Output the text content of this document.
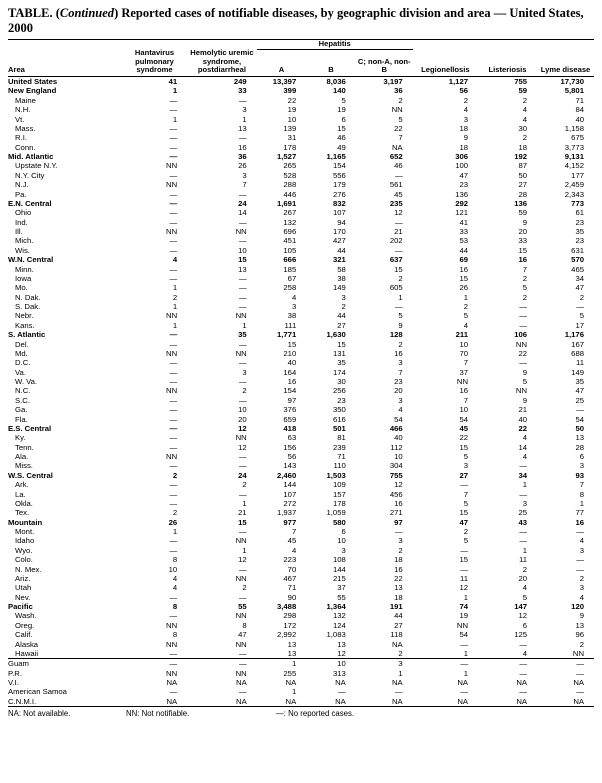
TABLE. (Continued) Reported cases of notifiable diseases, by geographic division and area — United States, 2000
			Hepatitis					

Area	Hantavirus pulmonary syndrome	Hemolytic uremic syndrome, postdiarrheal	A	B	C; non-A, non-B	Legionellosis	Listeriosis	Lyme disease
United States	41	249	13,397	8,036	3,197	1,127	755	17,730
New England	1	33	399	140	36	56	59	5,801
Maine	—	—	22	5	2	2	2	71
N.H.	—	3	19	19	NN	4	4	84
Vt.	1	1	10	6	5	3	4	40
Mass.	—	13	139	15	22	18	30	1,158
R.I.	—	—	31	46	7	9	2	675
Conn.	—	16	178	49	NA	18	18	3,773
Mid. Atlantic	—	36	1,527	1,165	652	306	192	9,131
Upstate N.Y.	NN	26	265	154	46	100	87	4,152
N.Y. City	—	3	528	556	—	47	50	177
N.J.	NN	7	288	179	561	23	27	2,459
Pa.	—	—	446	276	45	136	28	2,343
E.N. Central	—	24	1,691	832	235	292	136	773
Ohio	—	14	267	107	12	121	59	61
Ind.	—	—	132	94	—	41	9	23
Ill.	NN	NN	696	170	21	33	20	35
Mich.	—	—	451	427	202	53	33	23
Wis.	—	10	105	44	—	44	15	631
W.N. Central	4	15	666	321	637	69	16	570
Minn.	—	13	185	58	15	16	7	465
Iowa	—	—	67	38	2	15	2	34
Mo.	1	—	258	149	605	26	5	47
N. Dak.	2	—	4	3	1	1	2	2
S. Dak.	1	—	3	2	—	2	—	—
Nebr.	NN	NN	38	44	5	5	—	5
Kans.	1	1	111	27	9	4	—	17
S. Atlantic	—	35	1,771	1,630	128	211	106	1,176
Del.	—	—	15	15	2	10	NN	167
Md.	NN	NN	210	131	16	70	22	688
D.C.	—	—	40	35	3	7	—	11
Va.	—	3	164	174	7	37	9	149
W. Va.	—	—	16	30	23	NN	5	35
N.C.	NN	2	154	256	20	16	NN	47
S.C.	—	—	97	23	3	7	9	25
Ga.	—	10	376	350	4	10	21	—
Fla.	—	20	659	616	54	54	40	54
E.S. Central	—	12	418	501	466	45	22	50
Ky.	—	NN	63	81	40	22	4	13
Tenn.	—	12	156	239	112	15	14	28
Ala.	NN	—	56	71	10	5	4	6
Miss.	—	—	143	110	304	3	—	3
W.S. Central	2	24	2,460	1,503	755	27	34	93
Ark.	—	2	144	109	12	—	1	7
La.	—	—	107	157	456	7	—	8
Okla.	—	1	272	178	16	5	3	1
Tex.	2	21	1,937	1,059	271	15	25	77
Mountain	26	15	977	580	97	47	43	16
Mont.	1	—	7	6	—	2	—	—
Idaho	—	NN	45	10	3	5	—	4
Wyo.	—	1	4	3	2	—	1	3
Colo.	8	12	223	108	18	15	11	—
N. Mex.	10	—	70	144	16	—	2	—
Ariz.	4	NN	467	215	22	11	20	2
Utah	4	2	71	37	13	12	4	3
Nev.	—	—	90	55	18	1	5	4
Pacific	8	55	3,488	1,364	191	74	147	120
Wash.	—	NN	298	132	44	19	12	9
Oreg.	NN	8	172	124	27	NN	6	13
Calif.	8	47	2,992	1,083	118	54	125	96
Alaska	NN	NN	13	13	NA	—	—	2
Hawaii	—	—	13	12	2	1	4	NN
Guam	—	—	1	10	3	—	—	—
P.R.	NN	NN	255	313	1	1	—	—
V.I.	NA	NA	NA	NA	NA	NA	NA	NA
American Samoa	—	—	1	—	—	—	—	—
C.N.M.I.	NA	NA	NA	NA	NA	NA	NA	NA
NA: Not available.	NN: Not notifiable.	—: No reported cases.
